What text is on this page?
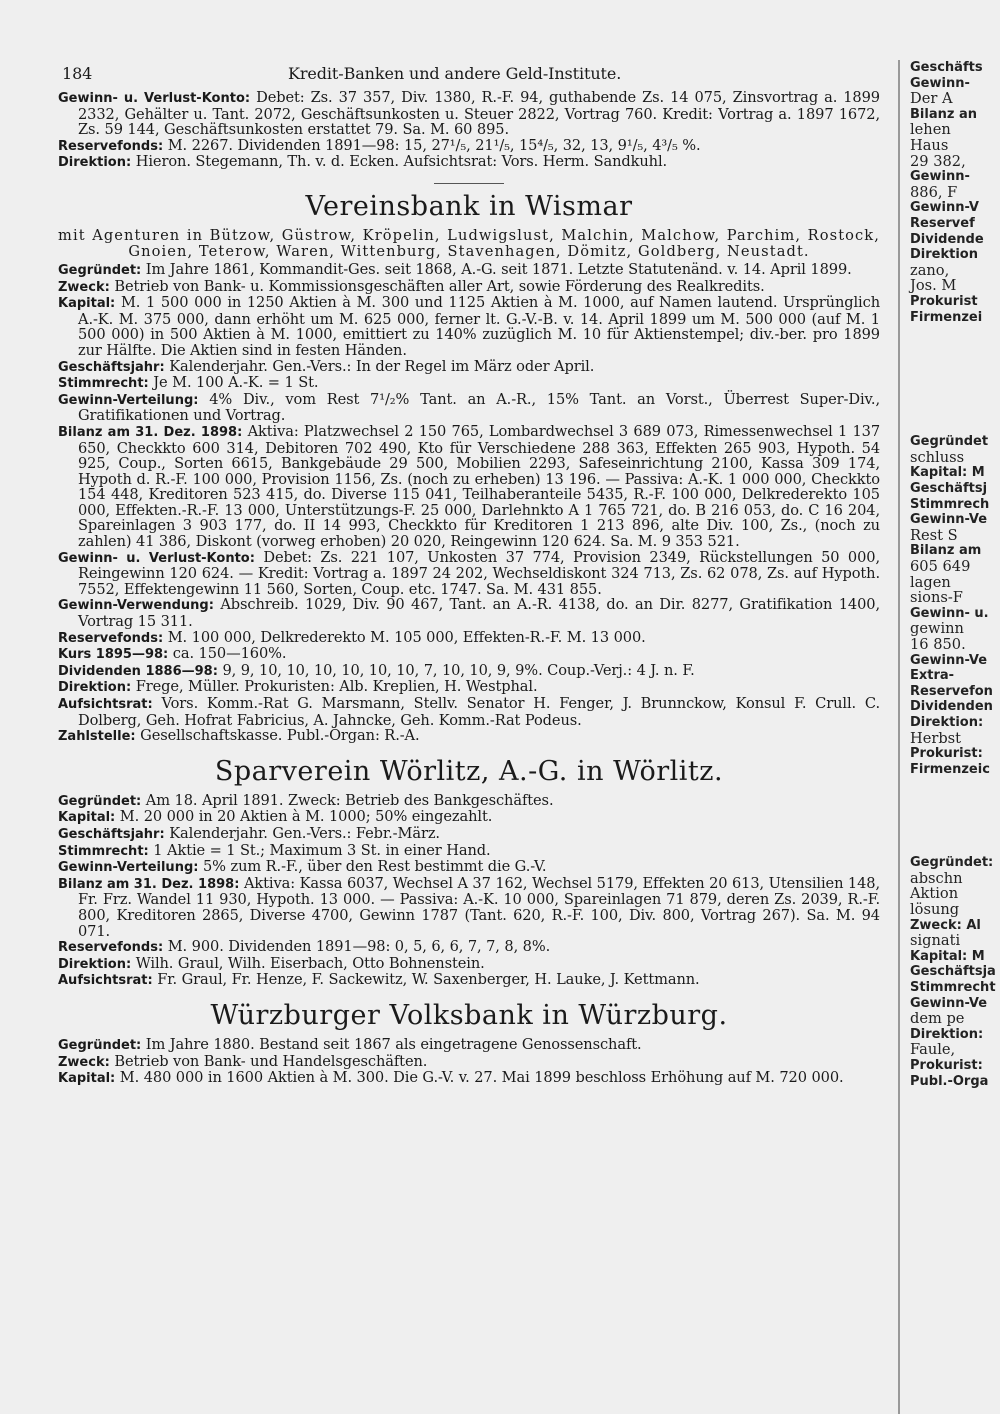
184	Kredit-Banken und andere Geld-Institute.

Gewinn- u. Verlust-Konto: Debet: Zs. 37 357, Div. 1380, R.-F. 94, guthabende Zs. 14 075, Zinsvortrag a. 1899 2332, Gehälter u. Tant. 2072, Geschäftsunkosten u. Steuer 2822, Vortrag 760. Kredit: Vortrag a. 1897 1672, Zs. 59 144, Geschäftsunkosten erstattet 79. Sa. M. 60 895.

Reservefonds: M. 2267. Dividenden 1891—98: 15, 27¹/₅, 21¹/₅, 15⁴/₅, 32, 13, 9¹/₅, 4³/₅ %.

Direktion: Hieron. Stegemann, Th. v. d. Ecken. Aufsichtsrat: Vors. Herm. Sandkuhl.

Vereinsbank in Wismar

mit Agenturen in Bützow, Güstrow, Kröpelin, Ludwigslust, Malchin, Malchow, Parchim, Rostock, Gnoien, Teterow, Waren, Wittenburg, Stavenhagen, Dömitz, Goldberg, Neustadt.

Gegründet: Im Jahre 1861, Kommandit-Ges. seit 1868, A.-G. seit 1871. Letzte Statutenänd. v. 14. April 1899.

Zweck: Betrieb von Bank- u. Kommissionsgeschäften aller Art, sowie Förderung des Realkredits.

Kapital: M. 1 500 000 in 1250 Aktien à M. 300 und 1125 Aktien à M. 1000, auf Namen lautend. Ursprünglich A.-K. M. 375 000, dann erhöht um M. 625 000, ferner lt. G.-V.-B. v. 14. April 1899 um M. 500 000 (auf M. 1 500 000) in 500 Aktien à M. 1000, emittiert zu 140% zuzüglich M. 10 für Aktienstempel; div.-ber. pro 1899 zur Hälfte. Die Aktien sind in festen Händen.

Geschäftsjahr: Kalenderjahr. Gen.-Vers.: In der Regel im März oder April.

Stimmrecht: Je M. 100 A.-K. = 1 St.

Gewinn-Verteilung: 4% Div., vom Rest 7¹/₂% Tant. an A.-R., 15% Tant. an Vorst., Überrest Super-Div., Gratifikationen und Vortrag.

Bilanz am 31. Dez. 1898: Aktiva: Platzwechsel 2 150 765, Lombardwechsel 3 689 073, Rimessenwechsel 1 137 650, Checkkto 600 314, Debitoren 702 490, Kto für Verschiedene 288 363, Effekten 265 903, Hypoth. 54 925, Coup., Sorten 6615, Bankgebäude 29 500, Mobilien 2293, Safeseinrichtung 2100, Kassa 309 174, Hypoth d. R.-F. 100 000, Provision 1156, Zs. (noch zu erheben) 13 196. — Passiva: A.-K. 1 000 000, Checkkto 154 448, Kreditoren 523 415, do. Diverse 115 041, Teilhaberanteile 5435, R.-F. 100 000, Delkrederekto 105 000, Effekten.-R.-F. 13 000, Unterstützungs-F. 25 000, Darlehnkto A 1 765 721, do. B 216 053, do. C 16 204, Spareinlagen 3 903 177, do. II 14 993, Checkkto für Kreditoren 1 213 896, alte Div. 100, Zs., (noch zu zahlen) 41 386, Diskont (vorweg erhoben) 20 020, Reingewinn 120 624. Sa. M. 9 353 521.

Gewinn- u. Verlust-Konto: Debet: Zs. 221 107, Unkosten 37 774, Provision 2349, Rückstellungen 50 000, Reingewinn 120 624. — Kredit: Vortrag a. 1897 24 202, Wechseldiskont 324 713, Zs. 62 078, Zs. auf Hypoth. 7552, Effektengewinn 11 560, Sorten, Coup. etc. 1747. Sa. M. 431 855.

Gewinn-Verwendung: Abschreib. 1029, Div. 90 467, Tant. an A.-R. 4138, do. an Dir. 8277, Gratifikation 1400, Vortrag 15 311.

Reservefonds: M. 100 000, Delkrederekto M. 105 000, Effekten-R.-F. M. 13 000.

Kurs 1895—98: ca. 150—160%.

Dividenden 1886—98: 9, 9, 10, 10, 10, 10, 10, 10, 7, 10, 10, 9, 9%. Coup.-Verj.: 4 J. n. F.

Direktion: Frege, Müller. Prokuristen: Alb. Kreplien, H. Westphal.

Aufsichtsrat: Vors. Komm.-Rat G. Marsmann, Stellv. Senator H. Fenger, J. Brunnckow, Konsul F. Crull. C. Dolberg, Geh. Hofrat Fabricius, A. Jahncke, Geh. Komm.-Rat Podeus.

Zahlstelle: Gesellschaftskasse. Publ.-Organ: R.-A.

Sparverein Wörlitz, A.-G. in Wörlitz.

Gegründet: Am 18. April 1891. Zweck: Betrieb des Bankgeschäftes.

Kapital: M. 20 000 in 20 Aktien à M. 1000; 50% eingezahlt.

Geschäftsjahr: Kalenderjahr. Gen.-Vers.: Febr.-März.

Stimmrecht: 1 Aktie = 1 St.; Maximum 3 St. in einer Hand.

Gewinn-Verteilung: 5% zum R.-F., über den Rest bestimmt die G.-V.

Bilanz am 31. Dez. 1898: Aktiva: Kassa 6037, Wechsel A 37 162, Wechsel 5179, Effekten 20 613, Utensilien 148, Fr. Frz. Wandel 11 930, Hypoth. 13 000. — Passiva: A.-K. 10 000, Spareinlagen 71 879, deren Zs. 2039, R.-F. 800, Kreditoren 2865, Diverse 4700, Gewinn 1787 (Tant. 620, R.-F. 100, Div. 800, Vortrag 267). Sa. M. 94 071.

Reservefonds: M. 900. Dividenden 1891—98: 0, 5, 6, 6, 7, 7, 8, 8%.

Direktion: Wilh. Graul, Wilh. Eiserbach, Otto Bohnenstein.

Aufsichtsrat: Fr. Graul, Fr. Henze, F. Sackewitz, W. Saxenberger, H. Lauke, J. Kettmann.

Würzburger Volksbank in Würzburg.

Gegründet: Im Jahre 1880. Bestand seit 1867 als eingetragene Genossenschaft.

Zweck: Betrieb von Bank- und Handelsgeschäften.

Kapital: M. 480 000 in 1600 Aktien à M. 300. Die G.-V. v. 27. Mai 1899 beschloss Erhöhung auf M. 720 000.

Geschäfts

Gewinn-

Der A

Bilanz an

lehen

Haus

29 382,

Gewinn-

886, F

Gewinn-V

Reservef

Dividende

Direktion

zano,

Jos. M

Prokurist

Firmenzei

Gegründet

schluss

Kapital: M

Geschäftsj

Stimmrech

Gewinn-Ve

Rest S

Bilanz am

605 649

lagen

sions-F

Gewinn- u.

gewinn

16 850.

Gewinn-Ve

Extra-

Reservefon

Dividenden

Direktion:

Herbst

Prokurist:

Firmenzeic

Gegründet:

abschn

Aktion

lösung

Zweck: Al

signati

Kapital: M

Geschäftsja

Stimmrecht

Gewinn-Ve

dem pe

Direktion:

Faule,

Prokurist:

Publ.-Orga
